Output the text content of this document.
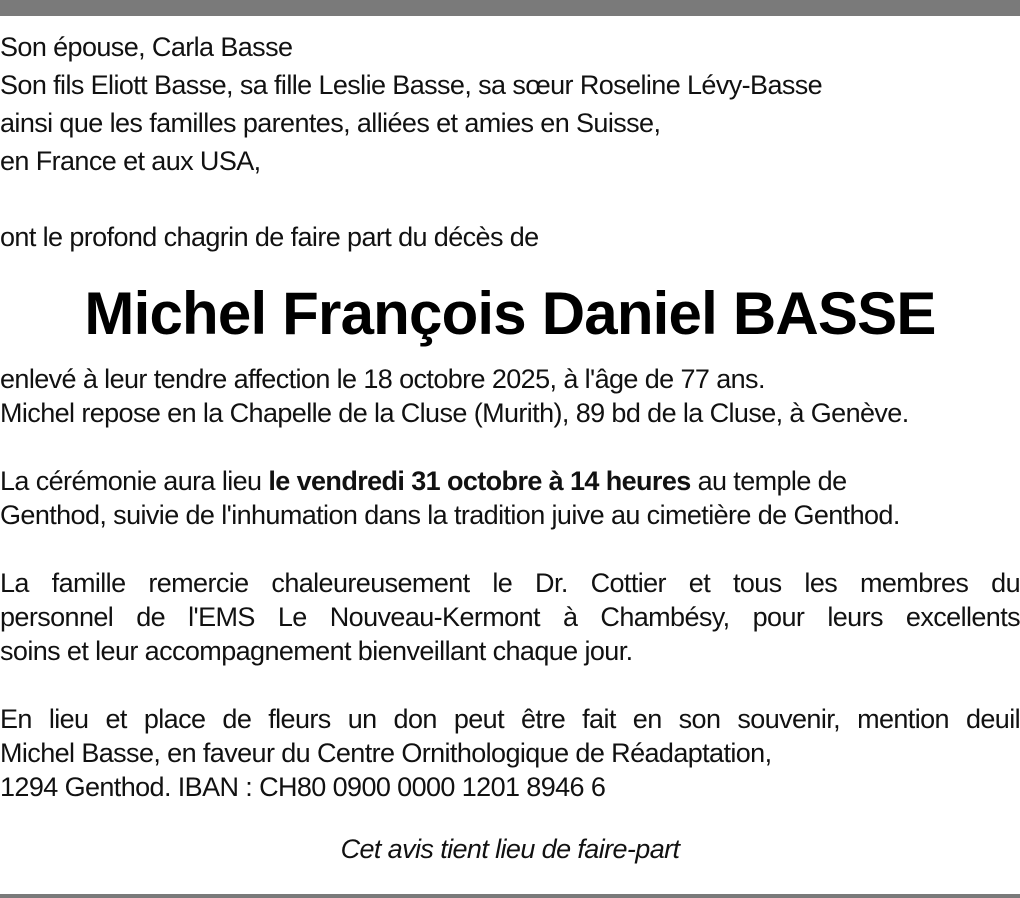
Son épouse, Carla Basse
Son fils Eliott Basse, sa fille Leslie Basse, sa sœur Roseline Lévy-Basse
ainsi que les familles parentes, alliées et amies en Suisse,
en France et aux USA,

ont le profond chagrin de faire part du décès de

Michel François Daniel BASSE
enlevé à leur tendre affection le 18 octobre 2025, à l'âge de 77 ans.
Michel repose en la Chapelle de la Cluse (Murith), 89 bd de la Cluse, à Genève.
La cérémonie aura lieu le vendredi 31 octobre à 14 heures au temple de
Genthod, suivie de l'inhumation dans la tradition juive au cimetière de Genthod.
La famille remercie chaleureusement le Dr. Cottier et tous les membres du
personnel de l'EMS Le Nouveau-Kermont à Chambésy, pour leurs excellents
soins et leur accompagnement bienveillant chaque jour.
En lieu et place de fleurs un don peut être fait en son souvenir, mention deuil
Michel Basse, en faveur du Centre Ornithologique de Réadaptation,
1294 Genthod. IBAN : CH80 0900 0000 1201 8946 6

Cet avis tient lieu de faire-part
